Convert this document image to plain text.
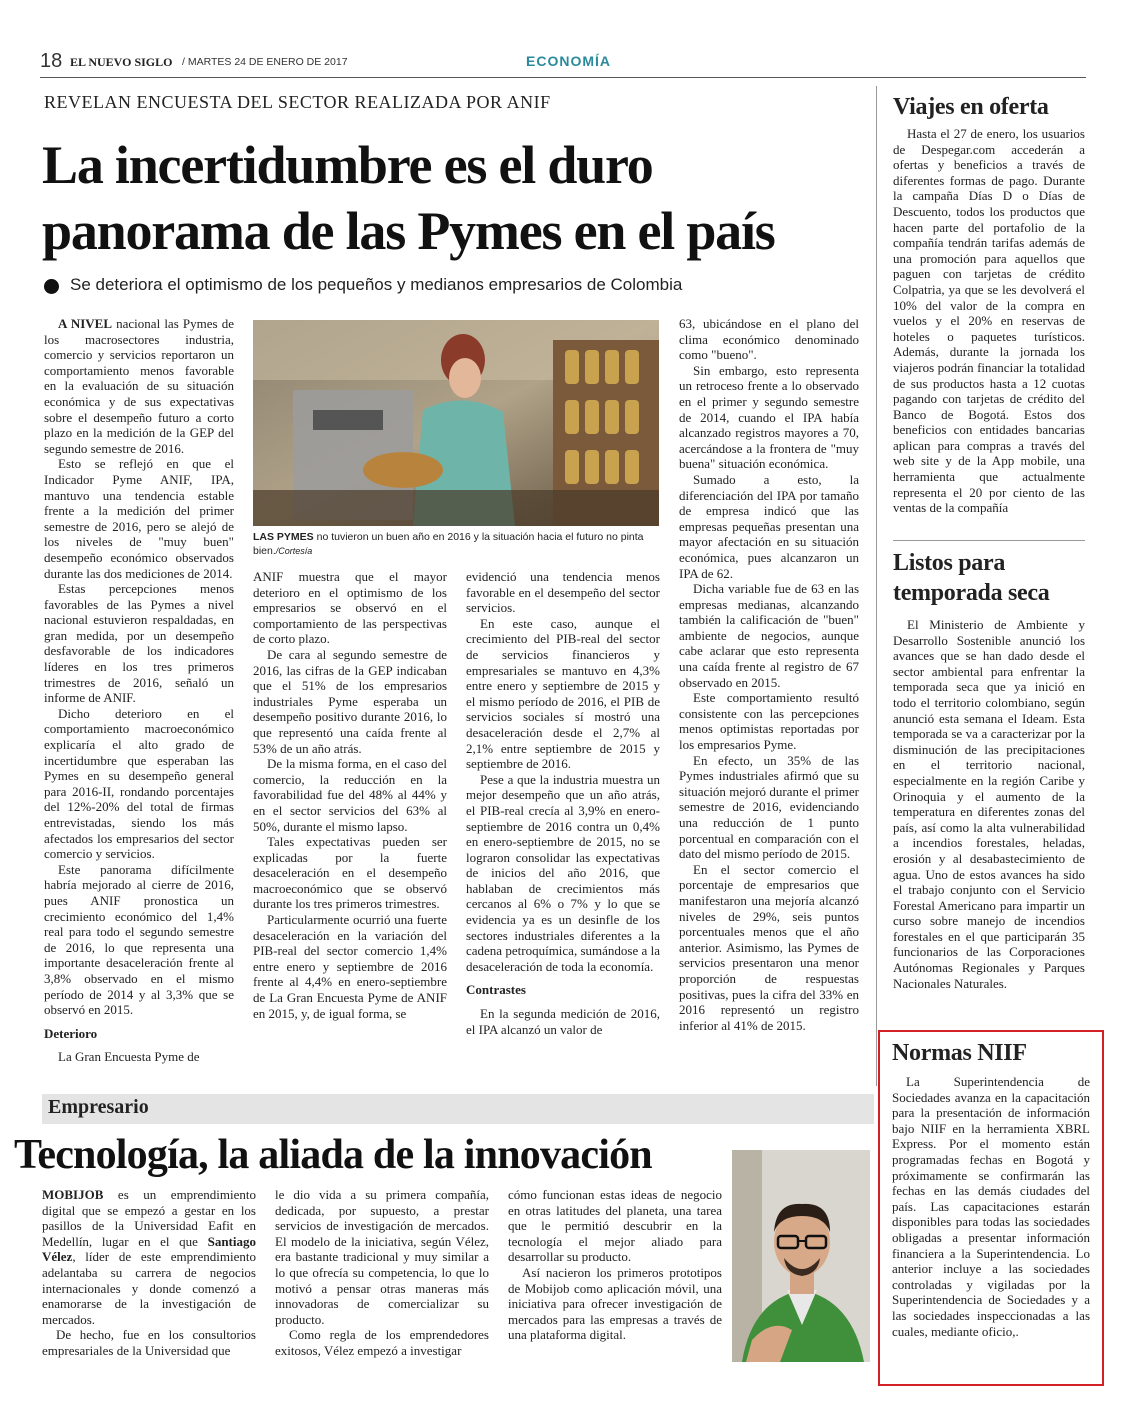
18 EL NUEVO SIGLO / MARTES 24 DE ENERO DE 2017	ECONOMÍA
REVELAN ENCUESTA DEL SECTOR REALIZADA POR ANIF
La incertidumbre es el duro
panorama de las Pymes en el país
Se deteriora el optimismo de los pequeños y medianos empresarios de Colombia
LAS PYMES no tuvieron un buen año en 2016 y la situación hacia el futuro no pinta bien./Cortesía

A NIVEL nacional las Pymes de los macrosectores industria, comercio y servicios reportaron un comportamiento menos favorable en la evaluación de su situación económica y de sus expectativas sobre el desempeño futuro a corto plazo en la medición de la GEP del segundo semestre de 2016.

Esto se reflejó en que el Indicador Pyme ANIF, IPA, mantuvo una tendencia estable frente a la medición del primer semestre de 2016, pero se alejó de los niveles de "muy buen" desempeño económico observados durante las dos mediciones de 2014.

Estas percepciones menos favorables de las Pymes a nivel nacional estuvieron respaldadas, en gran medida, por un desempeño desfavorable de los indicadores líderes en los tres primeros trimestres de 2016, señaló un informe de ANIF.

Dicho deterioro en el comportamiento macroeconómico explicaría el alto grado de incertidumbre que esperaban las Pymes en su desempeño general para 2016-II, rondando porcentajes del 12%-20% del total de firmas entrevistadas, siendo los más afectados los empresarios del sector comercio y servicios.

Este panorama difícilmente habría mejorado al cierre de 2016, pues ANIF pronostica un crecimiento económico del 1,4% real para todo el segundo semestre de 2016, lo que representa una importante desaceleración frente al 3,8% observado en el mismo período de 2014 y al 3,3% que se observó en 2015.

Deterioro

La Gran Encuesta Pyme de

ANIF muestra que el mayor deterioro en el optimismo de los empresarios se observó en el comportamiento de las perspectivas de corto plazo.

De cara al segundo semestre de 2016, las cifras de la GEP indicaban que el 51% de los empresarios industriales Pyme esperaba un desempeño positivo durante 2016, lo que representó una caída frente al 53% de un año atrás.

De la misma forma, en el caso del comercio, la reducción en la favorabilidad fue del 48% al 44% y en el sector servicios del 63% al 50%, durante el mismo lapso.

Tales expectativas pueden ser explicadas por la fuerte desaceleración en el desempeño macroeconómico que se observó durante los tres primeros trimestres.

Particularmente ocurrió una fuerte desaceleración en la variación del PIB-real del sector comercio 1,4% entre enero y septiembre de 2016 frente al 4,4% en enero-septiembre de La Gran Encuesta Pyme de ANIF en 2015, y, de igual forma, se

evidenció una tendencia menos favorable en el desempeño del sector servicios.

En este caso, aunque el crecimiento del PIB-real del sector de servicios financieros y empresariales se mantuvo en 4,3% entre enero y septiembre de 2015 y el mismo período de 2016, el PIB de servicios sociales sí mostró una desaceleración desde el 2,7% al 2,1% entre septiembre de 2015 y septiembre de 2016.

Pese a que la industria muestra un mejor desempeño que un año atrás, el PIB-real crecía al 3,9% en enero-septiembre de 2016 contra un 0,4% en enero-septiembre de 2015, no se lograron consolidar las expectativas de inicios del año 2016, que hablaban de crecimientos más cercanos al 6% o 7% y lo que se evidencia ya es un desinfle de los sectores industriales diferentes a la cadena petroquímica, sumándose a la desaceleración de toda la economía.

Contrastes

En la segunda medición de 2016, el IPA alcanzó un valor de

63, ubicándose en el plano del clima económico denominado como "bueno".

Sin embargo, esto representa un retroceso frente a lo observado en el primer y segundo semestre de 2014, cuando el IPA había alcanzado registros mayores a 70, acercándose a la frontera de "muy buena" situación económica.

Sumado a esto, la diferenciación del IPA por tamaño de empresa indicó que las empresas pequeñas presentan una mayor afectación en su situación económica, pues alcanzaron un IPA de 62.

Dicha variable fue de 63 en las empresas medianas, alcanzando también la calificación de "buen" ambiente de negocios, aunque cabe aclarar que esto representa una caída frente al registro de 67 observado en 2015.

Este comportamiento resultó consistente con las percepciones menos optimistas reportadas por los empresarios Pyme.

En efecto, un 35% de las Pymes industriales afirmó que su situación mejoró durante el primer semestre de 2016, evidenciando una reducción de 1 punto porcentual en comparación con el dato del mismo período de 2015.

En el sector comercio el porcentaje de empresarios que manifestaron una mejoría alcanzó niveles de 29%, seis puntos porcentuales menos que el año anterior. Asimismo, las Pymes de servicios presentaron una menor proporción de respuestas positivas, pues la cifra del 33% en 2016 representó un registro inferior al 41% de 2015.

Viajes en oferta

Hasta el 27 de enero, los usuarios de Despegar.com accederán a ofertas y beneficios a través de diferentes formas de pago. Durante la campaña Días D o Días de Descuento, todos los productos que hacen parte del portafolio de la compañía tendrán tarifas además de una promoción para aquellos que paguen con tarjetas de crédito Colpatria, ya que se les devolverá el 10% del valor de la compra en vuelos y el 20% en reservas de hoteles o paquetes turísticos. Además, durante la jornada los viajeros podrán financiar la totalidad de sus productos hasta a 12 cuotas pagando con tarjetas de crédito del Banco de Bogotá. Estos dos beneficios con entidades bancarias aplican para compras a través del web site y de la App mobile, una herramienta que actualmente representa el 20 por ciento de las ventas de la compañía

Listos para
temporada seca

El Ministerio de Ambiente y Desarrollo Sostenible anunció los avances que se han dado desde el sector ambiental para enfrentar la temporada seca que ya inició en todo el territorio colombiano, según anunció esta semana el Ideam. Esta temporada se va a caracterizar por la disminución de las precipitaciones en el territorio nacional, especialmente en la región Caribe y Orinoquia y el aumento de la temperatura en diferentes zonas del país, así como la alta vulnerabilidad a incendios forestales, heladas, erosión y al desabastecimiento de agua. Uno de estos avances ha sido el trabajo conjunto con el Servicio Forestal Americano para impartir un curso sobre manejo de incendios forestales en el que participarán 35 funcionarios de las Corporaciones Autónomas Regionales y Parques Nacionales Naturales.

Normas NIIF

La Superintendencia de Sociedades avanza en la capacitación para la presentación de información bajo NIIF en la herramienta XBRL Express. Por el momento están programadas fechas en Bogotá y próximamente se confirmarán las fechas en las demás ciudades del país. Las capacitaciones estarán disponibles para todas las sociedades obligadas a presentar información financiera a la Superintendencia. Lo anterior incluye a las sociedades controladas y vigiladas por la Superintendencia de Sociedades y a las sociedades inspeccionadas a las cuales, mediante oficio,.

Empresario
Tecnología, la aliada de la innovación

MOBIJOB es un emprendimiento digital que se empezó a gestar en los pasillos de la Universidad Eafit en Medellín, lugar en el que Santiago Vélez, líder de este emprendimiento adelantaba su carrera de negocios internacionales y donde comenzó a enamorarse de la investigación de mercados.

De hecho, fue en los consultorios empresariales de la Universidad que

le dio vida a su primera compañía, dedicada, por supuesto, a prestar servicios de investigación de mercados. El modelo de la iniciativa, según Vélez, era bastante tradicional y muy similar a lo que ofrecía su competencia, lo que lo motivó a pensar otras maneras más innovadoras de comercializar su producto.

Como regla de los emprendedores exitosos, Vélez empezó a investigar

cómo funcionan estas ideas de negocio en otras latitudes del planeta, una tarea que le permitió descubrir en la tecnología el mejor aliado para desarrollar su producto.

Así nacieron los primeros prototipos de Mobijob como aplicación móvil, una iniciativa para ofrecer investigación de mercados para las empresas a través de una plataforma digital.
